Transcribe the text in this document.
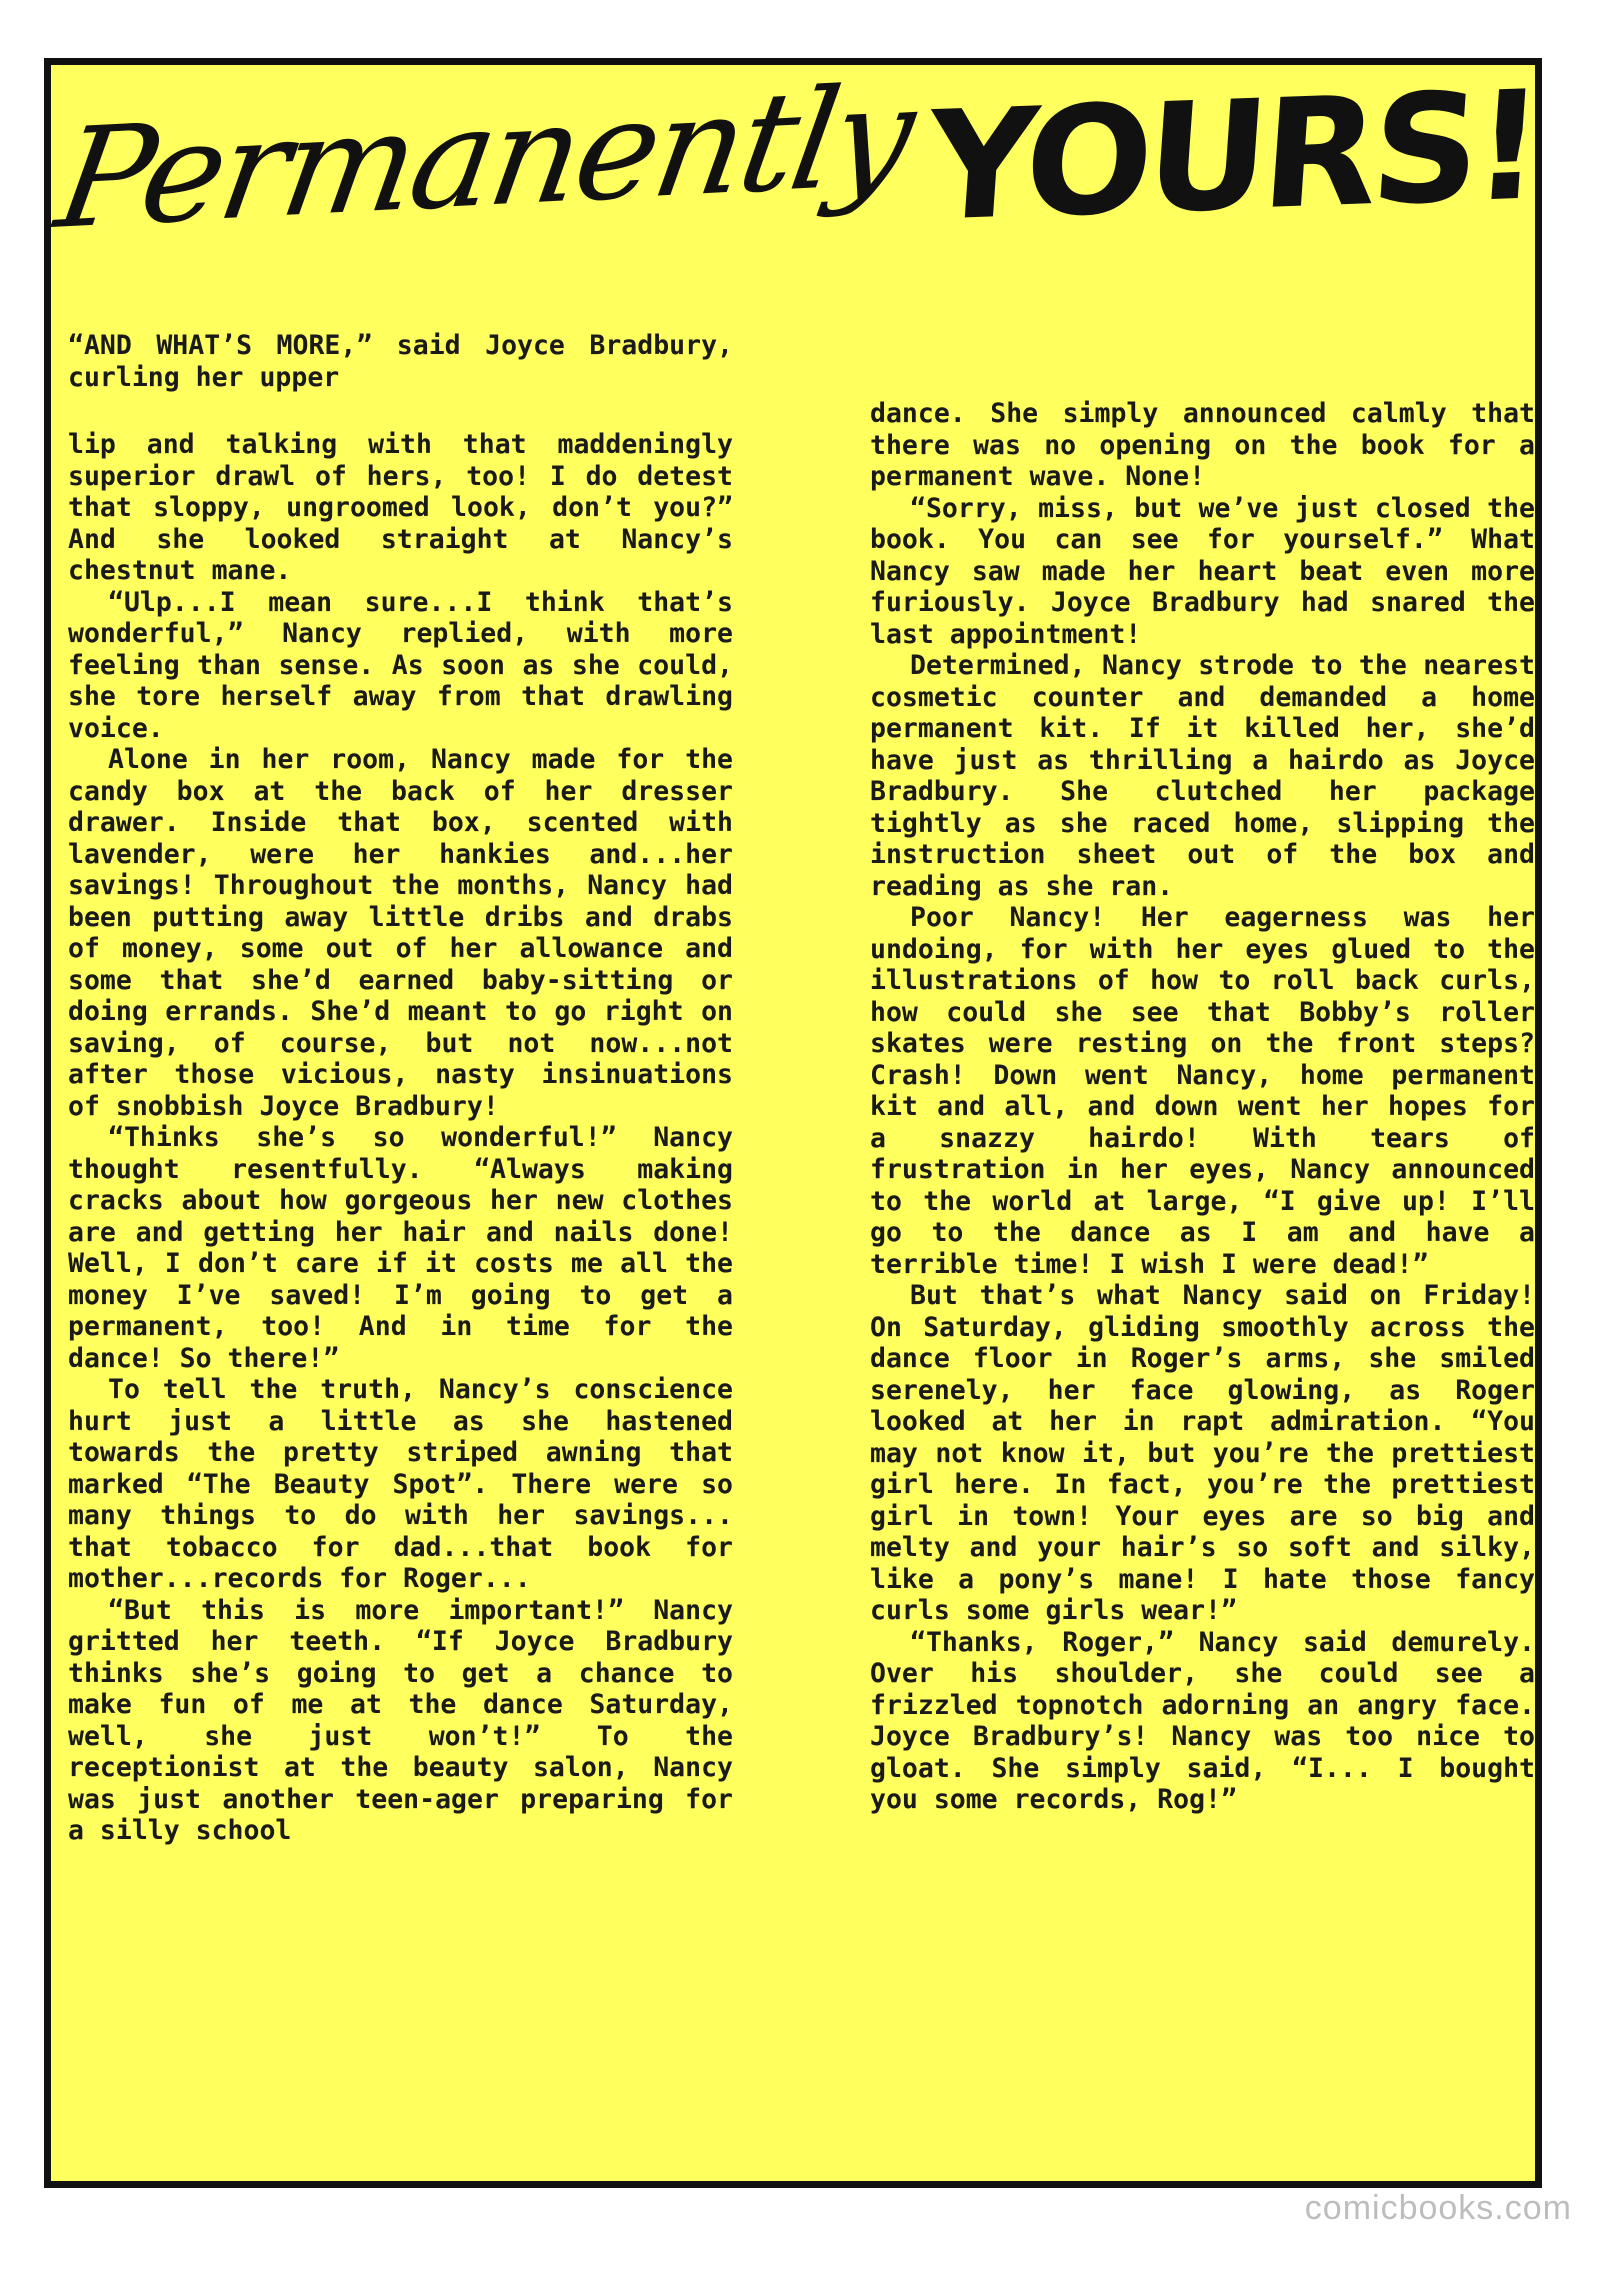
Permanently YOURS!

“AND WHAT’S MORE,” said Joyce Bradbury, curling her upper

lip and talking with that maddeningly superior drawl of hers, too! I do detest that sloppy, ungroomed look, don’t you?” And she looked straight at Nancy’s chestnut mane.

“Ulp...I mean sure...I think that’s wonderful,” Nancy replied, with more feeling than sense. As soon as she could, she tore herself away from that drawling voice.

Alone in her room, Nancy made for the candy box at the back of her dresser drawer. Inside that box, scented with lavender, were her hankies and...her savings! Throughout the months, Nancy had been putting away little dribs and drabs of money, some out of her allowance and some that she’d earned baby-sitting or doing errands. She’d meant to go right on saving, of course, but not now...not after those vicious, nasty insinuations of snobbish Joyce Bradbury!

“Thinks she’s so wonderful!” Nancy thought resentfully. “Always making cracks about how gorgeous her new clothes are and getting her hair and nails done! Well, I don’t care if it costs me all the money I’ve saved! I’m going to get a permanent, too! And in time for the dance! So there!”

To tell the truth, Nancy’s conscience hurt just a little as she hastened towards the pretty striped awning that marked “The Beauty Spot”. There were so many things to do with her savings... that tobacco for dad...that book for mother...records for Roger...

“But this is more important!” Nancy gritted her teeth. “If Joyce Bradbury thinks she’s going to get a chance to make fun of me at the dance Saturday, well, she just won’t!” To the receptionist at the beauty salon, Nancy was just another teen-ager preparing for a silly school

dance. She simply announced calmly that there was no opening on the book for a permanent wave. None!

“Sorry, miss, but we’ve just closed the book. You can see for yourself.” What Nancy saw made her heart beat even more furiously. Joyce Bradbury had snared the last appointment!

Determined, Nancy strode to the nearest cosmetic counter and demanded a home permanent kit. If it killed her, she’d have just as thrilling a hairdo as Joyce Bradbury. She clutched her package tightly as she raced home, slipping the instruction sheet out of the box and reading as she ran.

Poor Nancy! Her eagerness was her undoing, for with her eyes glued to the illustrations of how to roll back curls, how could she see that Bobby’s roller skates were resting on the front steps? Crash! Down went Nancy, home permanent kit and all, and down went her hopes for a snazzy hairdo! With tears of frustration in her eyes, Nancy announced to the world at large, “I give up! I’ll go to the dance as I am and have a terrible time! I wish I were dead!”

But that’s what Nancy said on Friday! On Saturday, gliding smoothly across the dance floor in Roger’s arms, she smiled serenely, her face glowing, as Roger looked at her in rapt admiration. “You may not know it, but you’re the prettiest girl here. In fact, you’re the prettiest girl in town! Your eyes are so big and melty and your hair’s so soft and silky, like a pony’s mane! I hate those fancy curls some girls wear!”

“Thanks, Roger,” Nancy said demurely. Over his shoulder, she could see a frizzled topnotch adorning an angry face. Joyce Bradbury’s! Nancy was too nice to gloat. She simply said, “I... I bought you some records, Rog!”

comicbooks.com
